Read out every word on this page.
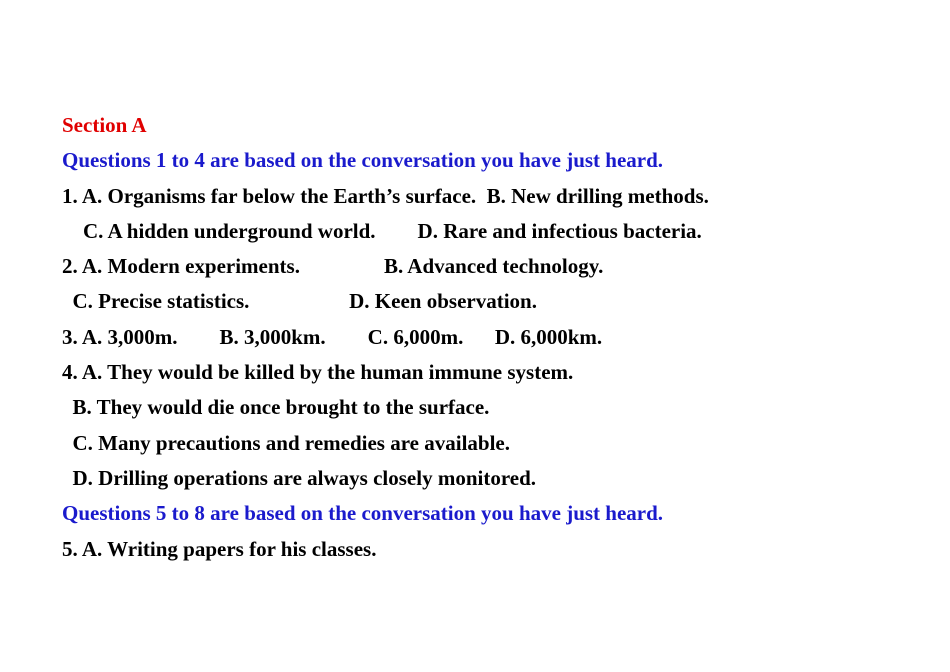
Section A
Questions 1 to 4 are based on the conversation you have just heard.
1. A. Organisms far below the Earth’s surface.  B. New drilling methods.
C. A hidden underground world.        D. Rare and infectious bacteria.
2. A. Modern experiments.                B. Advanced technology.
C. Precise statistics.                   D. Keen observation.
3. A. 3,000m.        B. 3,000km.        C. 6,000m.      D. 6,000km.
4. A. They would be killed by the human immune system.
B. They would die once brought to the surface.
C. Many precautions and remedies are available.
D. Drilling operations are always closely monitored.
Questions 5 to 8 are based on the conversation you have just heard.
5. A. Writing papers for his classes.
